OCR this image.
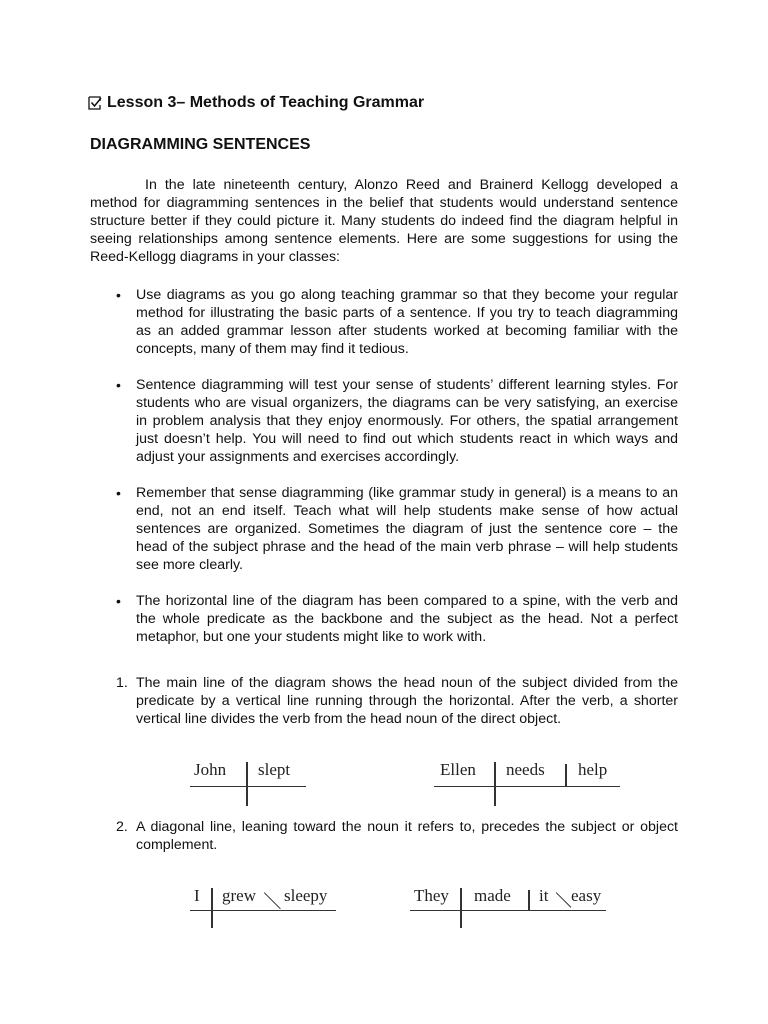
Lesson 3 –
Methods of Teaching Grammar
DIAGRAMMING SENTENCES

In the late nineteenth century, Alonzo Reed and Brainerd Kellogg developed a method for diagramming sentences in the belief that students would understand sentence structure better if they could picture it. Many students do indeed find the diagram helpful in seeing relationships among sentence elements. Here are some suggestions for using the Reed-Kellogg diagrams in your classes:

• Use diagrams as you go along teaching grammar so that they become your regular method for illustrating the basic parts of a sentence. If you try to teach diagramming as an added grammar lesson after students worked at becoming familiar with the concepts, many of them may find it tedious.
• Sentence diagramming will test your sense of students’ different learning styles. For students who are visual organizers, the diagrams can be very satisfying, an exercise in problem analysis that they enjoy enormously. For others, the spatial arrangement just doesn’t help. You will need to find out which students react in which ways and adjust your assignments and exercises accordingly.
• Remember that sense diagramming (like grammar study in general) is a means to an end, not an end itself. Teach what will help students make sense of how actual sentences are organized. Sometimes the diagram of just the sentence core – the head of the subject phrase and the head of the main verb phrase – will help students see more clearly.
• The horizontal line of the diagram has been compared to a spine, with the verb and the whole predicate as the backbone and the subject as the head. Not a perfect metaphor, but one your students might like to work with.
1. The main line of the diagram shows the head noun of the subject divided from the predicate by a vertical line running through the horizontal. After the verb, a shorter vertical line divides the verb from the head noun of the direct object.
2. A diagonal line, leaning toward the noun it refers to, precedes the subject or object complement.
John slept	Ellen needs help
I grew sleepy	They made it easy
